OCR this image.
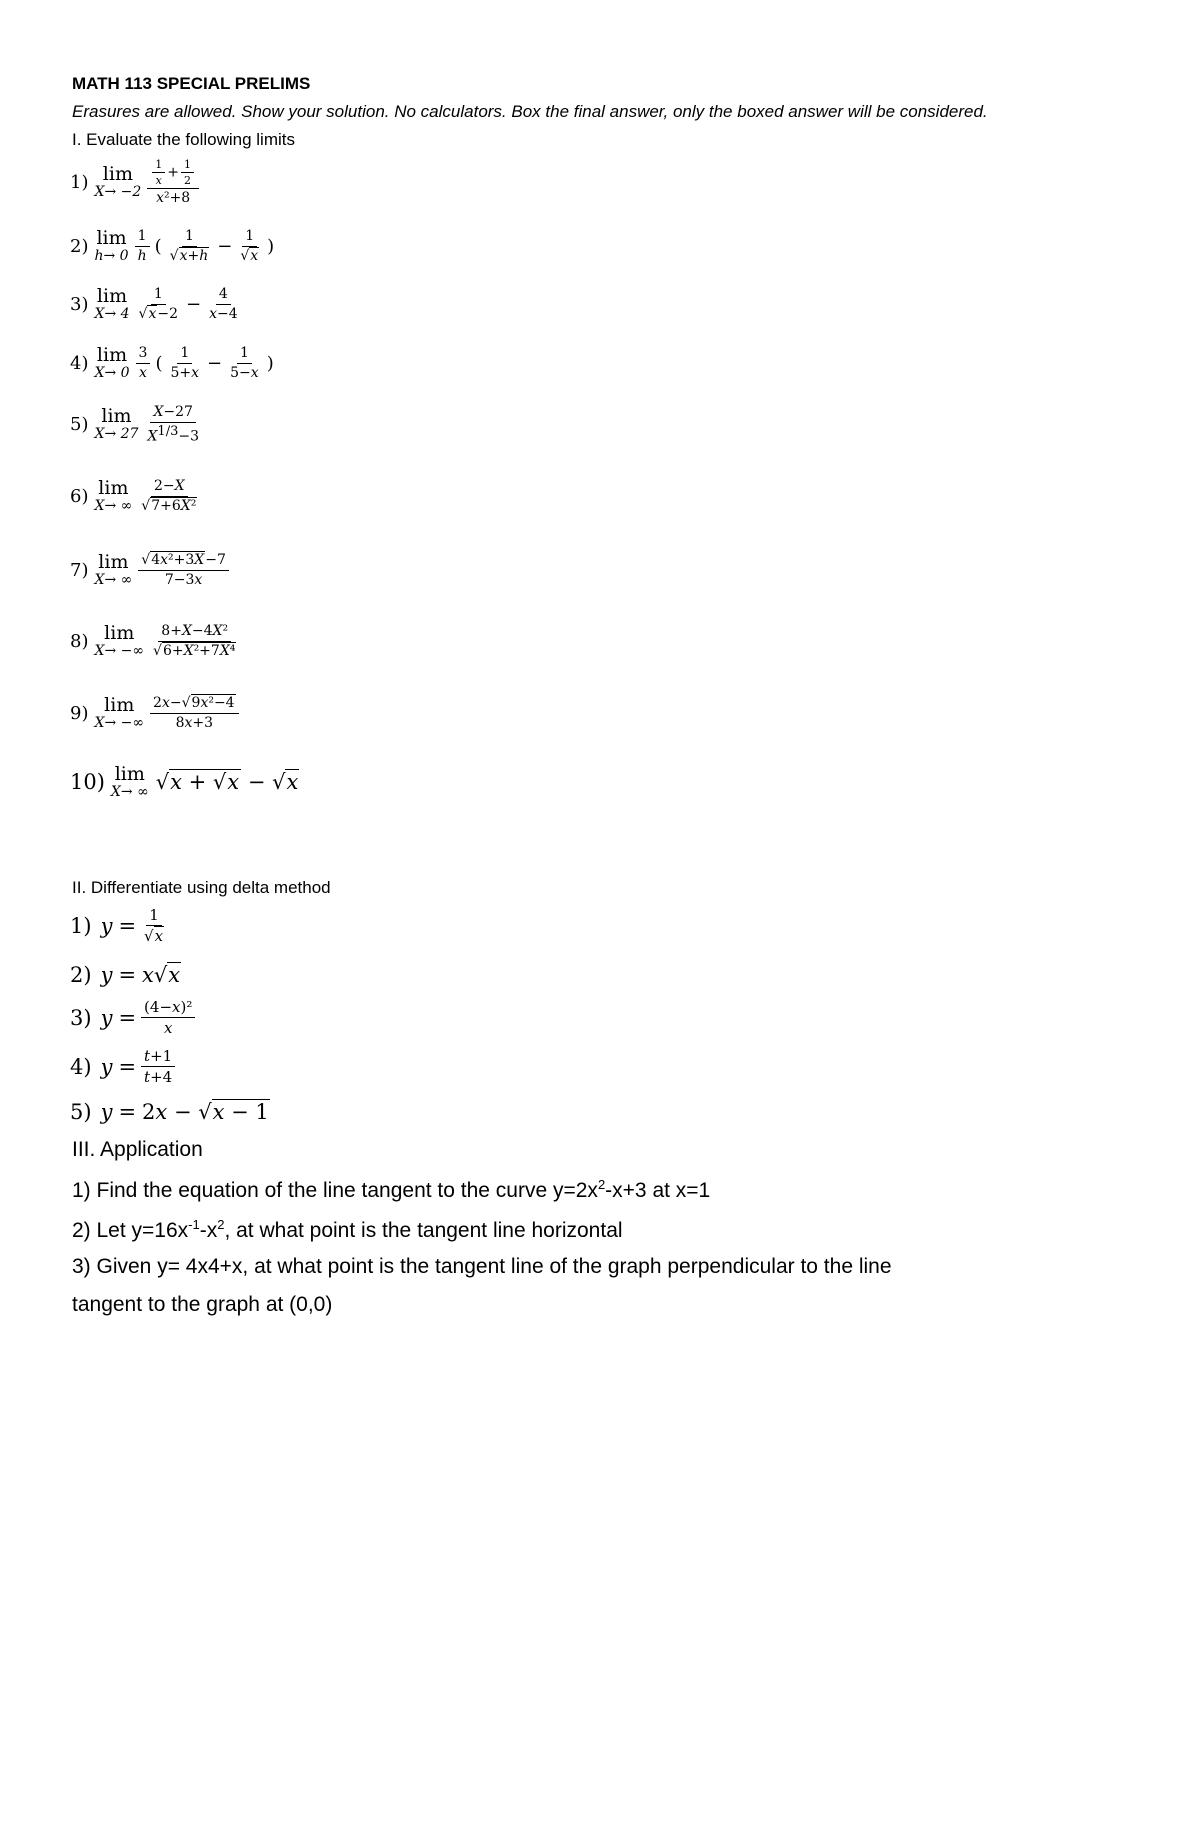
MATH 113 SPECIAL PRELIMS
Erasures are allowed. Show your solution. No calculators. Box the final answer, only the boxed answer will be considered.
I. Evaluate the following limits
1) lim
$X\to -2 \frac{\frac{1}{x} + \frac{1}{2}}{\text{x²+8}}$
2) lim
$h\to 0 \frac{1}{h}$ ( $\frac{1}{√x+h} - \frac{1}{√x}$ )
3) lim
$X\to 4 \frac{1}{√x-2} - \frac{4}{x-4}$
4) lim
$X\to 0 \frac{3}{x}$ ( $\frac{1}{5+x} - \frac{1}{5-x}$ )
5) lim
$X\to 27 \frac{X-27}{X^{1/3}-3}$
6) lim
X→ ∞ $\frac{2-X}{\text{√7+6X²}}$
7) lim
X→ ∞ $\frac{\text{√4x²+3X−7}}{7-3x}$
8) lim
X→ −∞ $\frac{\text{8+X−4X²}}{\text{√6+X²+7X⁴}}$
9) lim
X→ −∞ $\frac{\text{2x−√9x²−4}}{8x+3}$
10) lim
X→ ∞ √x + √x − √x
II. Differentiate using delta method
1) $y = \frac{1}{√x}$
2) y = x√x
3) $y = \frac{\text{(4−x)²}}{x}$
4) $y = \frac{t+1}{t+4}$
5) y = 2x − √x − 1
III. Application
1) Find the equation of the line tangent to the curve $y=2x^2-x+3$ at x=1
2) Let $y=16x^{-1}-x^2$, at what point is the tangent line horizontal
3) Given y= 4x4+x, at what point is the tangent line of the graph perpendicular to the line
tangent to the graph at (0,0)
